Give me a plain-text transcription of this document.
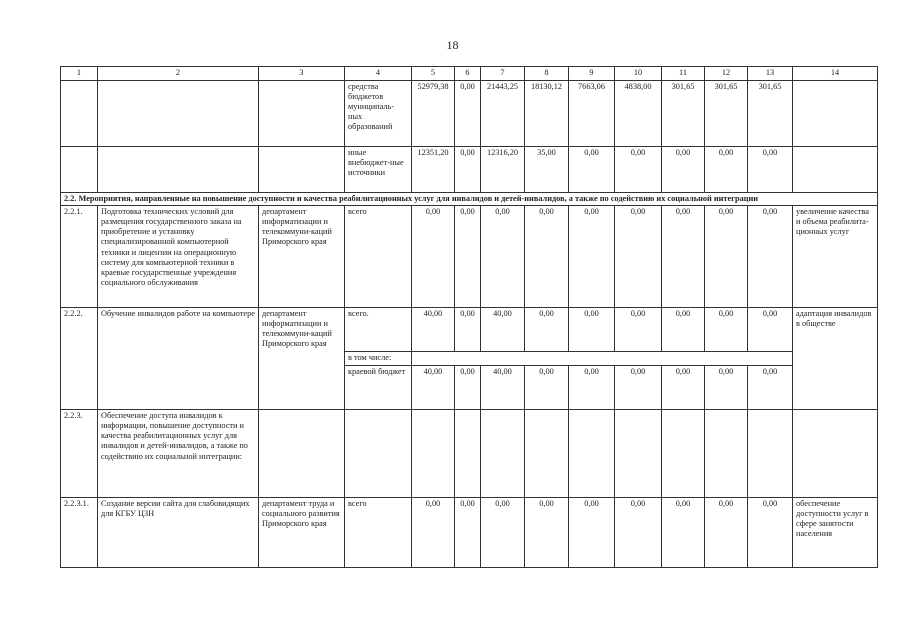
18
1	2	3	4	5	6	7	8	9	10	11	12	13	14
			средства бюджетов муниципаль-ных образований	52979,38	0,00	21443,25	18130,12	7663,06	4838,00	301,65	301,65	301,65	
			иные внебюджет-ные источники	12351,20	0,00	12316,20	35,00	0,00	0,00	0,00	0,00	0,00	
2.2. Мероприятия, направленные на повышение доступности и качества реабилитационных услуг для инвалидов и детей-инвалидов, а также по содействию их социальной интеграции													
2.2.1.	Подготовка технических условий для размещения государственного заказа на приобретение и установку специализированной компьютерной техники и лицензии на операционную систему для компьютерной техники в краевые государственные учреждения социального обслуживания	департамент информатизации и телекоммуни-каций Приморского края	всего	0,00	0,00	0,00	0,00	0,00	0,00	0,00	0,00	0,00	увеличение качества и объема реабилита-ционных услуг
2.2.2.	Обучение инвалидов работе на компьютере	департамент информатизации и телекоммуни-каций Приморского края	всего.	40,00	0,00	40,00	0,00	0,00	0,00	0,00	0,00	0,00	адаптация инвалидов в обществе
			в том числе:										
			краевой бюджет	40,00	0,00	40,00	0,00	0,00	0,00	0,00	0,00	0,00	
2.2.3.	Обеспечение доступа инвалидов к информации, повышение доступности и качества реабилитационных услуг для инвалидов и детей-инвалидов, а также по содействию их социальной интеграции:												
2.2.3.1.	Создание версии сайта для слабовидящих для КГБУ ЦЗН	департамент труда и социального развития Приморского края	всего	0,00	0,00	0,00	0,00	0,00	0,00	0,00	0,00	0,00	обеспечение доступности услуг в сфере занятости населения
